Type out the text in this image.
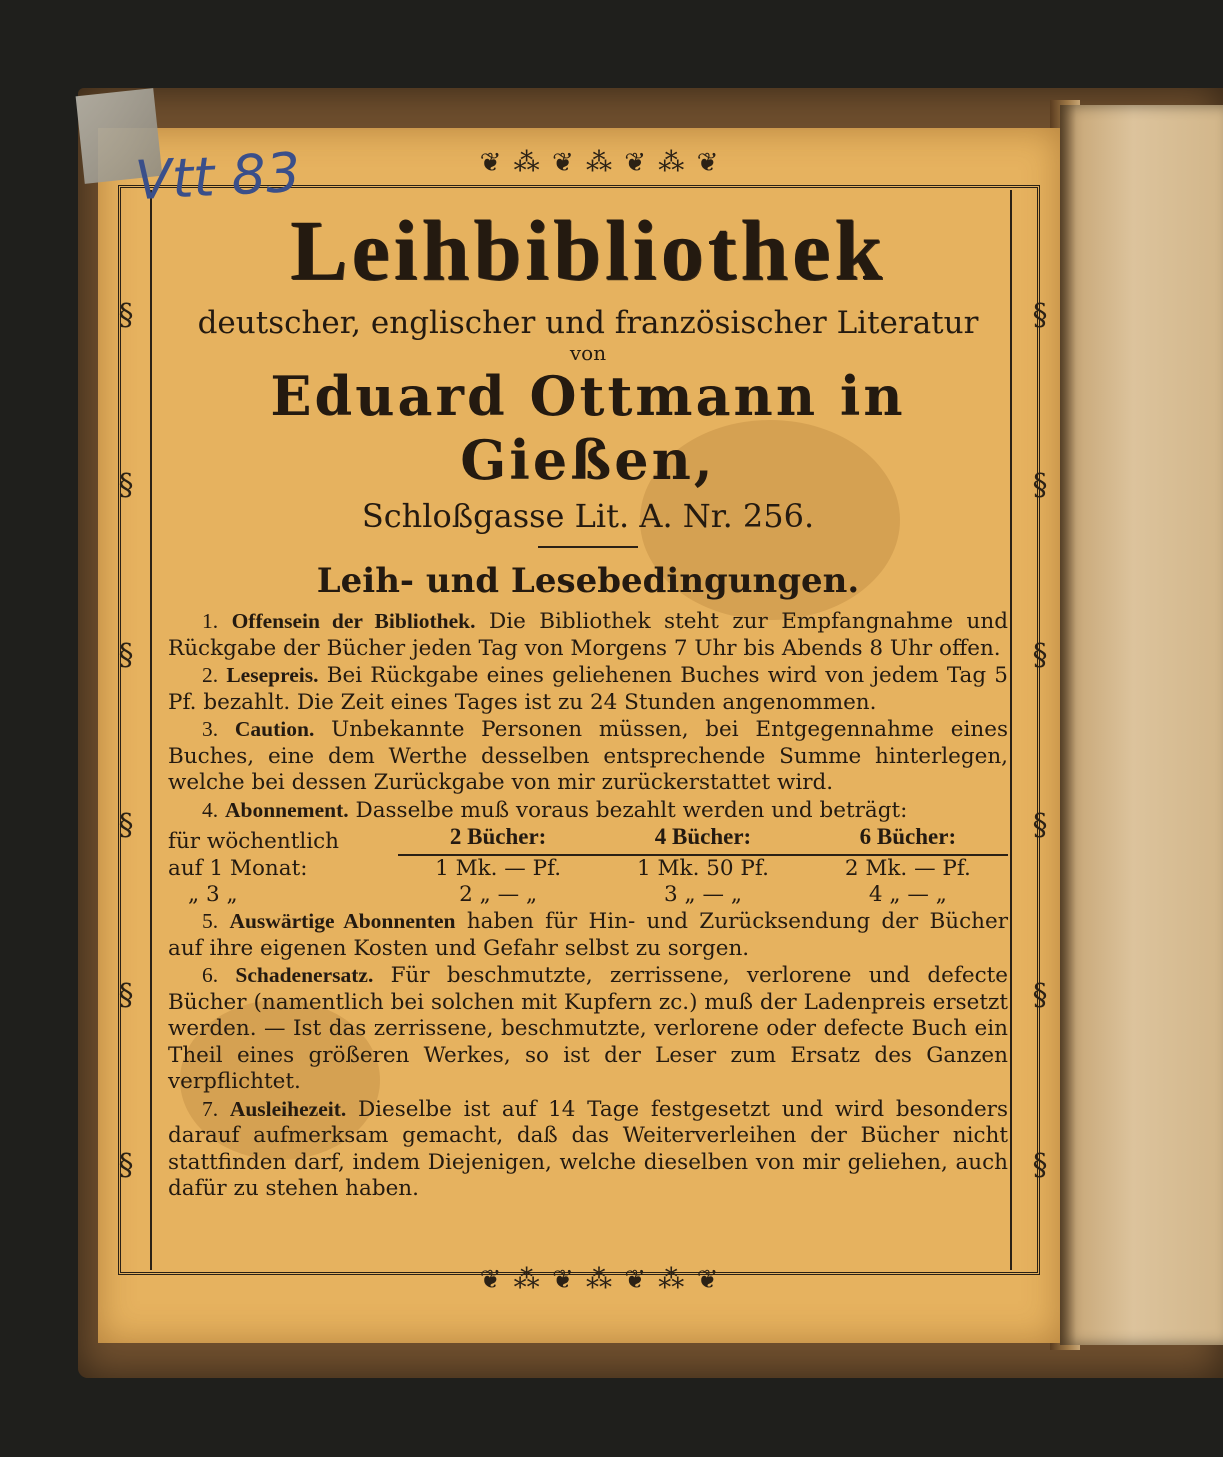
❦ ⁂ ❦ ⁂ ❦ ⁂ ❦
❦ ⁂ ❦ ⁂ ❦ ⁂ ❦
§
§
§
§
§
§
§
§
§
§
§
§
Vtt 83
Leihbibliothek

deutscher, englischer und französischer Literatur

von

Eduard Ottmann in Gießen,

Schloßgasse Lit. A. Nr. 256.

Leih- und Lesebedingungen.

1. Offensein der Bibliothek. Die Bibliothek steht zur Empfangnahme und Rückgabe der Bücher jeden Tag von Morgens 7 Uhr bis Abends 8 Uhr offen.

2. Lesepreis. Bei Rückgabe eines geliehenen Buches wird von jedem Tag 5 Pf. bezahlt. Die Zeit eines Tages ist zu 24 Stunden angenommen.

3. Caution. Unbekannte Personen müssen, bei Entgegennahme eines Buches, eine dem Werthe desselben entsprechende Summe hinterlegen, welche bei dessen Zurückgabe von mir zurückerstattet wird.

4. Abonnement. Dasselbe muß voraus bezahlt werden und beträgt:

für wöchentlich	2 Bücher:	4 Bücher:	6 Bücher:
auf 1 Monat:	1 Mk. — Pf.	1 Mk. 50 Pf.	2 Mk. — Pf.
„ 3 „	2 „ — „	3 „ — „	4 „ — „

5. Auswärtige Abonnenten haben für Hin- und Zurücksendung der Bücher auf ihre eigenen Kosten und Gefahr selbst zu sorgen.

6. Schadenersatz. Für beschmutzte, zerrissene, verlorene und defecte Bücher (namentlich bei solchen mit Kupfern zc.) muß der Ladenpreis ersetzt werden. — Ist das zerrissene, beschmutzte, verlorene oder defecte Buch ein Theil eines größeren Werkes, so ist der Leser zum Ersatz des Ganzen verpflichtet.

7. Ausleihezeit. Dieselbe ist auf 14 Tage festgesetzt und wird besonders darauf aufmerksam gemacht, daß das Weiterverleihen der Bücher nicht stattfinden darf, indem Diejenigen, welche dieselben von mir geliehen, auch dafür zu stehen haben.
